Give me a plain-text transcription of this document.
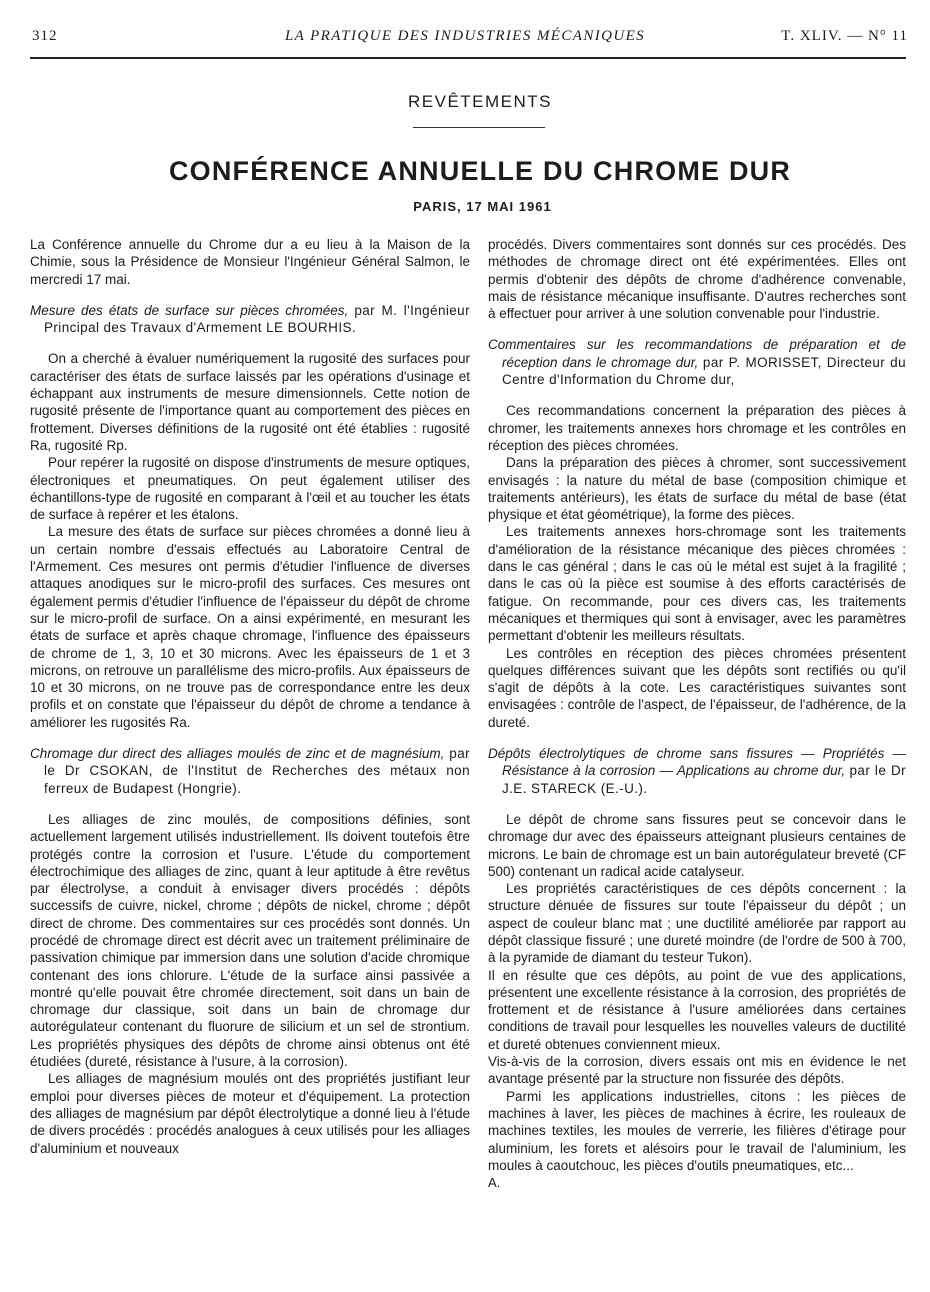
312	LA PRATIQUE DES INDUSTRIES MÉCANIQUES	T. XLIV. — N° 11
REVÊTEMENTS
CONFÉRENCE ANNUELLE DU CHROME DUR
PARIS, 17 MAI 1961

La Conférence annuelle du Chrome dur a eu lieu à la Maison de la Chimie, sous la Présidence de Monsieur l'Ingénieur Général Salmon, le mercredi 17 mai.

Mesure des états de surface sur pièces chromées, par M. l'Ingénieur Principal des Travaux d'Armement LE BOURHIS.

On a cherché à évaluer numériquement la rugosité des surfaces pour caractériser des états de surface laissés par les opérations d'usinage et échappant aux instruments de mesure dimensionnels. Cette notion de rugosité présente de l'importance quant au comportement des pièces en frottement. Diverses définitions de la rugosité ont été établies : rugosité Ra, rugosité Rp.

Pour repérer la rugosité on dispose d'instruments de mesure optiques, électroniques et pneumatiques. On peut également utiliser des échantillons-type de rugosité en comparant à l'œil et au toucher les états de surface à repérer et les étalons.

La mesure des états de surface sur pièces chromées a donné lieu à un certain nombre d'essais effectués au Laboratoire Central de l'Armement. Ces mesures ont permis d'étudier l'influence de diverses attaques anodiques sur le micro-profil des surfaces. Ces mesures ont également permis d'étudier l'influence de l'épaisseur du dépôt de chrome sur le micro-profil de surface. On a ainsi expérimenté, en mesurant les états de surface et après chaque chromage, l'influence des épaisseurs de chrome de 1, 3, 10 et 30 microns. Avec les épaisseurs de 1 et 3 microns, on retrouve un parallélisme des micro-profils. Aux épaisseurs de 10 et 30 microns, on ne trouve pas de correspondance entre les deux profils et on constate que l'épaisseur du dépôt de chrome a tendance à améliorer les rugosités Ra.

Chromage dur direct des alliages moulés de zinc et de magnésium, par le Dr CSOKAN, de l'Institut de Recherches des métaux non ferreux de Budapest (Hongrie).

Les alliages de zinc moulés, de compositions définies, sont actuellement largement utilisés industriellement. Ils doivent toutefois être protégés contre la corrosion et l'usure. L'étude du comportement électrochimique des alliages de zinc, quant à leur aptitude à être revêtus par électrolyse, a conduit à envisager divers procédés : dépôts successifs de cuivre, nickel, chrome ; dépôts de nickel, chrome ; dépôt direct de chrome. Des commentaires sur ces procédés sont donnés. Un procédé de chromage direct est décrit avec un traitement préliminaire de passivation chimique par immersion dans une solution d'acide chromique contenant des ions chlorure. L'étude de la surface ainsi passivée a montré qu'elle pouvait être chromée directement, soit dans un bain de chromage dur classique, soit dans un bain de chromage dur autorégulateur contenant du fluorure de silicium et un sel de strontium. Les propriétés physiques des dépôts de chrome ainsi obtenus ont été étudiées (dureté, résistance à l'usure, à la corrosion).

Les alliages de magnésium moulés ont des propriétés justifiant leur emploi pour diverses pièces de moteur et d'équipement. La protection des alliages de magnésium par dépôt électrolytique a donné lieu à l'étude de divers procédés : procédés analogues à ceux utilisés pour les alliages d'aluminium et nouveaux

procédés. Divers commentaires sont donnés sur ces procédés. Des méthodes de chromage direct ont été expérimentées. Elles ont permis d'obtenir des dépôts de chrome d'adhérence convenable, mais de résistance mécanique insuffisante. D'autres recherches sont à effectuer pour arriver à une solution convenable pour l'industrie.

Commentaires sur les recommandations de préparation et de réception dans le chromage dur, par P. MORISSET, Directeur du Centre d'Information du Chrome dur,

Ces recommandations concernent la préparation des pièces à chromer, les traitements annexes hors chromage et les contrôles en réception des pièces chromées.

Dans la préparation des pièces à chromer, sont successivement envisagés : la nature du métal de base (composition chimique et traitements antérieurs), les états de surface du métal de base (état physique et état géométrique), la forme des pièces.

Les traitements annexes hors-chromage sont les traitements d'amélioration de la résistance mécanique des pièces chromées : dans le cas général ; dans le cas où le métal est sujet à la fragilité ; dans le cas où la pièce est soumise à des efforts caractérisés de fatigue. On recommande, pour ces divers cas, les traitements mécaniques et thermiques qui sont à envisager, avec les paramètres permettant d'obtenir les meilleurs résultats.

Les contrôles en réception des pièces chromées présentent quelques différences suivant que les dépôts sont rectifiés ou qu'il s'agit de dépôts à la cote. Les caractéristiques suivantes sont envisagées : contrôle de l'aspect, de l'épaisseur, de l'adhérence, de la dureté.

Dépôts électrolytiques de chrome sans fissures — Propriétés — Résistance à la corrosion — Applications au chrome dur, par le Dr J.E. STARECK (E.-U.).

Le dépôt de chrome sans fissures peut se concevoir dans le chromage dur avec des épaisseurs atteignant plusieurs centaines de microns. Le bain de chromage est un bain autorégulateur breveté (CF 500) contenant un radical acide catalyseur.

Les propriétés caractéristiques de ces dépôts concernent : la structure dénuée de fissures sur toute l'épaisseur du dépôt ; un aspect de couleur blanc mat ; une ductilité améliorée par rapport au dépôt classique fissuré ; une dureté moindre (de l'ordre de 500 à 700, à la pyramide de diamant du testeur Tukon).

Il en résulte que ces dépôts, au point de vue des applications, présentent une excellente résistance à la corrosion, des propriétés de frottement et de résistance à l'usure améliorées dans certaines conditions de travail pour lesquelles les nouvelles valeurs de ductilité et dureté obtenues conviennent mieux.

Vis-à-vis de la corrosion, divers essais ont mis en évidence le net avantage présenté par la structure non fissurée des dépôts.

Parmi les applications industrielles, citons : les pièces de machines à laver, les pièces de machines à écrire, les rouleaux de machines textiles, les moules de verrerie, les filières d'étirage pour aluminium, les forets et alésoirs pour le travail de l'aluminium, les moules à caoutchouc, les pièces d'outils pneumatiques, etc...

A.
